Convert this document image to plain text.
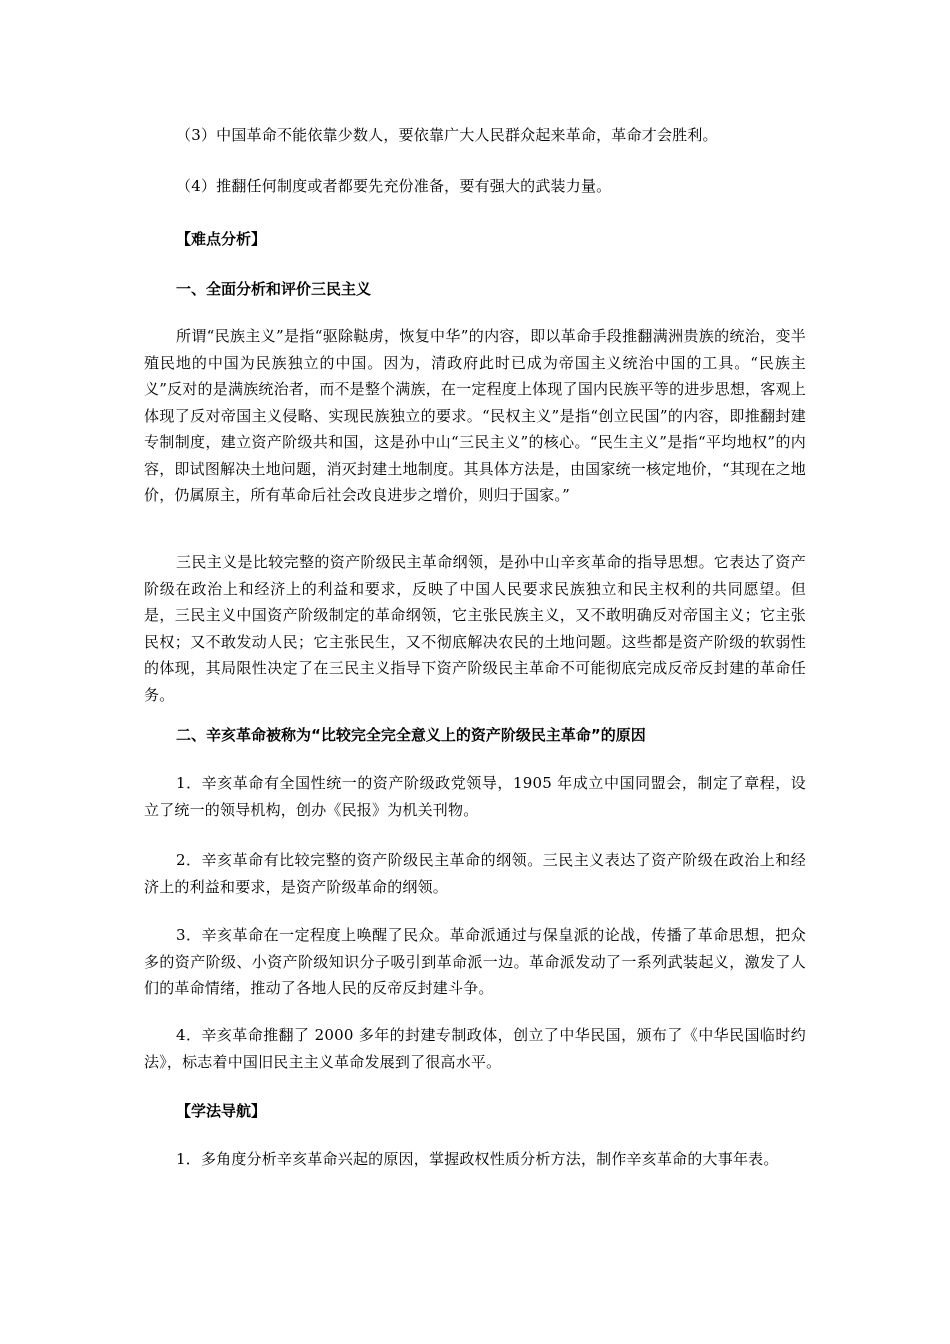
（3）中国革命不能依靠少数人，要依靠广大人民群众起来革命，革命才会胜利。
（4）推翻任何制度或者都要先充份准备，要有强大的武装力量。
【难点分析】
一、全面分析和评价三民主义
所谓“民族主义”是指“驱除鞑虏，恢复中华”的内容，即以革命手段推翻满洲贵族的统治，变半殖民地的中国为民族独立的中国。因为，清政府此时已成为帝国主义统治中国的工具。“民族主义”反对的是满族统治者，而不是整个满族，在一定程度上体现了国内民族平等的进步思想，客观上体现了反对帝国主义侵略、实现民族独立的要求。“民权主义”是指“创立民国”的内容，即推翻封建专制制度，建立资产阶级共和国，这是孙中山“三民主义”的核心。“民生主义”是指“平均地权”的内容，即试图解决土地问题，消灭封建土地制度。其具体方法是，由国家统一核定地价，“其现在之地价，仍属原主，所有革命后社会改良进步之增价，则归于国家。”
三民主义是比较完整的资产阶级民主革命纲领，是孙中山辛亥革命的指导思想。它表达了资产阶级在政治上和经济上的利益和要求，反映了中国人民要求民族独立和民主权利的共同愿望。但是，三民主义中国资产阶级制定的革命纲领，它主张民族主义，又不敢明确反对帝国主义；它主张民权；又不敢发动人民；它主张民生，又不彻底解决农民的土地问题。这些都是资产阶级的软弱性的体现，其局限性决定了在三民主义指导下资产阶级民主革命不可能彻底完成反帝反封建的革命任务。
二、辛亥革命被称为“比较完全完全意义上的资产阶级民主革命”的原因
1．辛亥革命有全国性统一的资产阶级政党领导，1905 年成立中国同盟会，制定了章程，设立了统一的领导机构，创办《民报》为机关刊物。
2．辛亥革命有比较完整的资产阶级民主革命的纲领。三民主义表达了资产阶级在政治上和经济上的利益和要求，是资产阶级革命的纲领。
3．辛亥革命在一定程度上唤醒了民众。革命派通过与保皇派的论战，传播了革命思想，把众多的资产阶级、小资产阶级知识分子吸引到革命派一边。革命派发动了一系列武装起义，激发了人们的革命情绪，推动了各地人民的反帝反封建斗争。
4．辛亥革命推翻了 2000 多年的封建专制政体，创立了中华民国，颁布了《中华民国临时约法》，标志着中国旧民主主义革命发展到了很高水平。
【学法导航】
1．多角度分析辛亥革命兴起的原因，掌握政权性质分析方法，制作辛亥革命的大事年表。
